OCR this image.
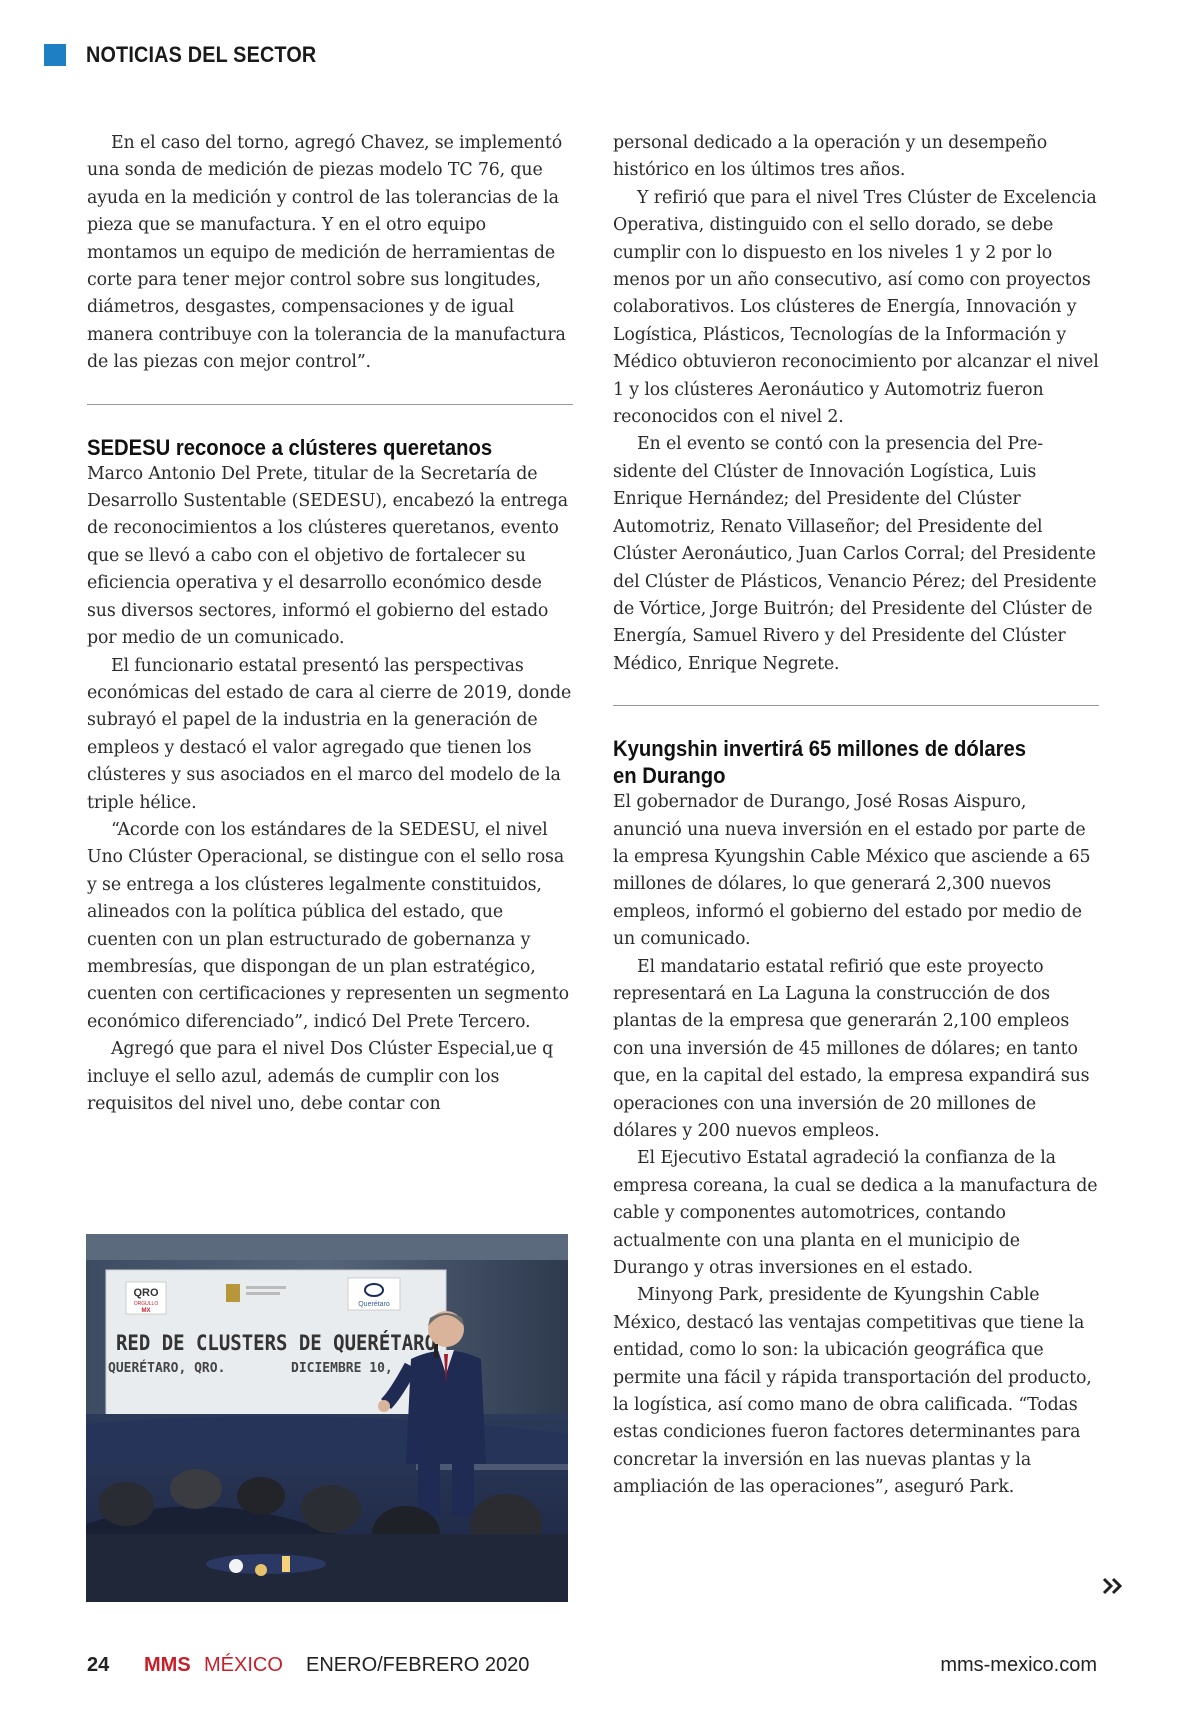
NOTICIAS DEL SECTOR

En el caso del torno, agregó Chavez, se implementó una sonda de medición de piezas modelo TC 76, que ayuda en la medición y control de las tolerancias de la pieza que se manufactura. Y en el otro equipo montamos un equipo de medición de herramientas de corte para tener mejor control sobre sus longitudes, diámetros, desgastes, compensaciones y de igual manera contribuye con la tolerancia de la manufactura de las piezas con mejor control”.

SEDESU reconoce a clústeres queretanos

Marco Antonio Del Prete, titular de la Secretaría de Desarrollo Sustentable (SEDESU), encabezó la entrega de reconocimientos a los clústeres queretanos, evento que se llevó a cabo con el objetivo de fortalecer su eficiencia operativa y el desarrollo económico desde sus diversos sectores, informó el gobierno del estado por medio de un comunicado.

El funcionario estatal presentó las perspectivas económicas del estado de cara al cierre de 2019, donde subrayó el papel de la industria en la generación de empleos y destacó el valor agregado que tienen los clústeres y sus asociados en el marco del modelo de la triple hélice.

“Acorde con los estándares de la SEDESU, el nivel Uno Clúster Operacional, se distingue con el sello rosa y se entrega a los clústeres legalmente constituidos, alineados con la política pública del estado, que cuenten con un plan estructurado de gobernanza y membresías, que dispongan de un plan estratégico, cuenten con certificaciones y representen un segmento económico diferenciado”, indicó Del Prete Tercero.

Agregó que para el nivel Dos Clúster Especial,ue q incluye el sello azul, además de cumplir con los requisitos del nivel uno, debe contar con

QRO
ORGULLO
MX
Querétaro
RED DE CLUSTERS DE QUERÉTARO
QUERÉTARO, QRO.	DICIEMBRE 10,

personal dedicado a la operación y un desempeño histórico en los últimos tres años.

Y refirió que para el nivel Tres Clúster de Excelencia Operativa, distinguido con el sello dorado, se debe cumplir con lo dispuesto en los niveles 1 y 2 por lo menos por un año consecutivo, así como con proyectos colaborativos. Los clústeres de Energía, Innovación y Logística, Plásticos, Tecnologías de la Información y Médico obtuvieron reconocimiento por alcanzar el nivel 1 y los clústeres Aeronáutico y Automotriz fueron reconocidos con el nivel 2.

En el evento se contó con la presencia del Presidente del Clúster de Innovación Logística, Luis Enrique Hernández; del Presidente del Clúster Automotriz, Renato Villaseñor; del Presidente del Clúster Aeronáutico, Juan Carlos Corral; del Presidente del Clúster de Plásticos, Venancio Pérez; del Presidente de Vórtice, Jorge Buitrón; del Presidente del Clúster de Energía, Samuel Rivero y del Presidente del Clúster Médico, Enrique Negrete.

Kyungshin invertirá 65 millones de dólares en Durango

El gobernador de Durango, José Rosas Aispuro, anunció una nueva inversión en el estado por parte de la empresa Kyungshin Cable México que asciende a 65 millones de dólares, lo que generará 2,300 nuevos empleos, informó el gobierno del estado por medio de un comunicado.

El mandatario estatal refirió que este proyecto representará en La Laguna la construcción de dos plantas de la empresa que generarán 2,100 empleos con una inversión de 45 millones de dólares; en tanto que, en la capital del estado, la empresa expandirá sus operaciones con una inversión de 20 millones de dólares y 200 nuevos empleos.

El Ejecutivo Estatal agradeció la confianza de la empresa coreana, la cual se dedica a la manufactura de cable y componentes automotrices, contando actualmente con una planta en el municipio de Durango y otras inversiones en el estado.

Minyong Park, presidente de Kyungshin Cable México, destacó las ventajas competitivas que tiene la entidad, como lo son: la ubicación geográfica que permite una fácil y rápida transportación del producto, la logística, así como mano de obra calificada. “Todas estas condiciones fueron factores determinantes para concretar la inversión en las nuevas plantas y la ampliación de las operaciones”, aseguró Park.

24 MMS MÉXICO ENERO/FEBRERO 2020	mms-mexico.com
